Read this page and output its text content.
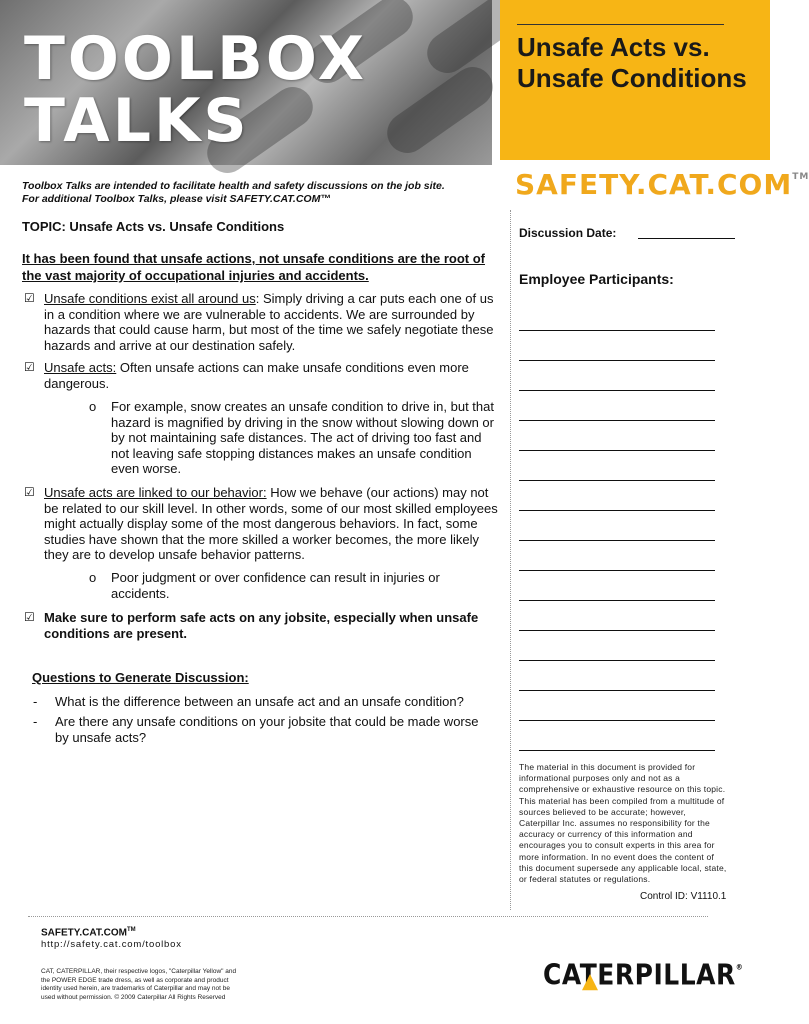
TOOLBOX
TALKS
Unsafe Acts vs. Unsafe Conditions
SAFETY.CAT.COM™
Toolbox Talks are intended to facilitate health and safety discussions on the job site.
For additional Toolbox Talks, please visit SAFETY.CAT.COM™
TOPIC: Unsafe Acts vs. Unsafe Conditions
It has been found that unsafe actions, not unsafe conditions are the root of the vast majority of occupational injuries and accidents.
☑ Unsafe conditions exist all around us: Simply driving a car puts each one of us in a condition where we are vulnerable to accidents. We are surrounded by hazards that could cause harm, but most of the time we safely negotiate these hazards and arrive at our destination safely.
☑ Unsafe acts: Often unsafe actions can make unsafe conditions even more dangerous.
o For example, snow creates an unsafe condition to drive in, but that hazard is magnified by driving in the snow without slowing down or by not maintaining safe distances. The act of driving too fast and not leaving safe stopping distances makes an unsafe condition even worse.
☑ Unsafe acts are linked to our behavior: How we behave (our actions) may not be related to our skill level. In other words, some of our most skilled employees might actually display some of the most dangerous behaviors. In fact, some studies have shown that the more skilled a worker becomes, the more likely they are to develop unsafe behavior patterns.
o Poor judgment or over confidence can result in injuries or accidents.
☑ Make sure to perform safe acts on any jobsite, especially when unsafe conditions are present.
Questions to Generate Discussion:
- What is the difference between an unsafe act and an unsafe condition?
- Are there any unsafe conditions on your jobsite that could be made worse by unsafe acts?
Discussion Date:
Employee Participants:
The material in this document is provided for informational purposes only and not as a comprehensive or exhaustive resource on this topic. This material has been compiled from a multitude of sources believed to be accurate; however, Caterpillar Inc. assumes no responsibility for the accuracy or currency of this information and encourages you to consult experts in this area for more information. In no event does the content of this document supersede any applicable local, state, or federal statutes or regulations.
Control ID: V1110.1
SAFETY.CAT.COM™
http://safety.cat.com/toolbox
CAT, CATERPILLAR, their respective logos, "Caterpillar Yellow" and the POWER EDGE trade dress, as well as corporate and product identity used herein, are trademarks of Caterpillar and may not be used without permission. © 2009 Caterpillar All Rights Reserved
CATERPILLAR®
